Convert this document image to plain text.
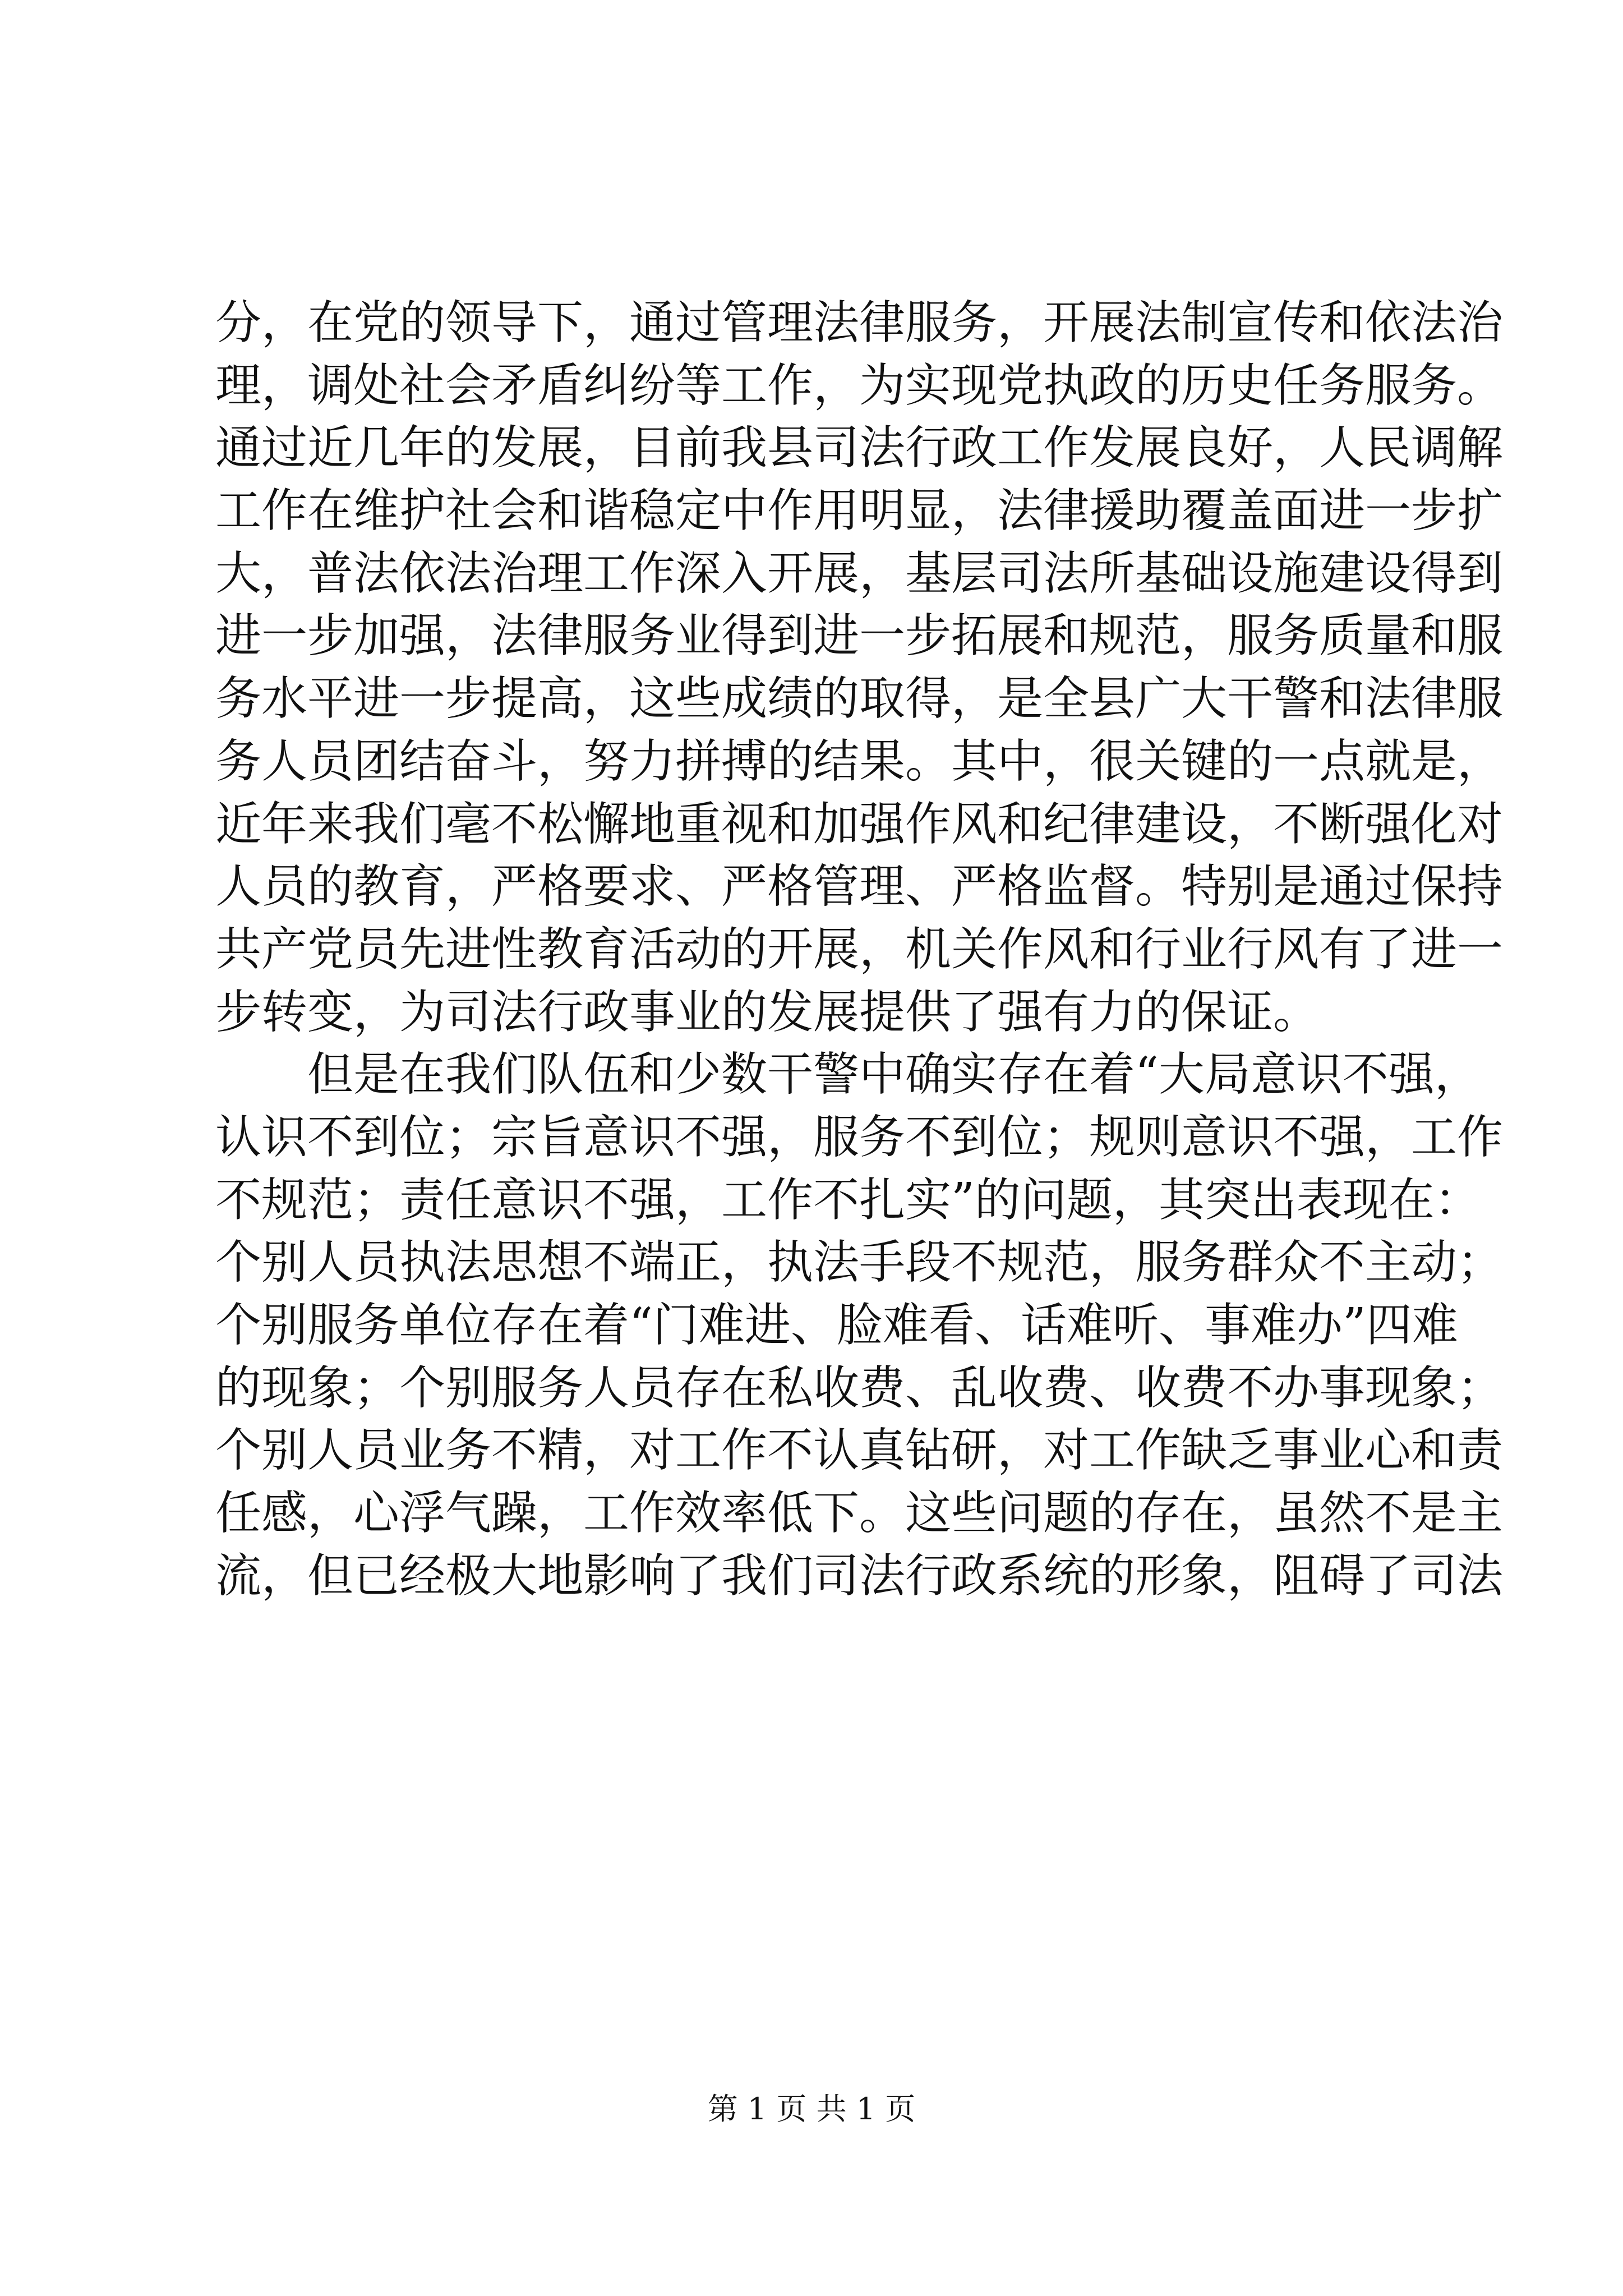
分，在党的领导下，通过管理法律服务，开展法制宣传和依法治
理，调处社会矛盾纠纷等工作，为实现党执政的历史任务服务。
通过近几年的发展，目前我县司法行政工作发展良好，人民调解
工作在维护社会和谐稳定中作用明显，法律援助覆盖面进一步扩
大，普法依法治理工作深入开展，基层司法所基础设施建设得到
进一步加强，法律服务业得到进一步拓展和规范，服务质量和服
务水平进一步提高，这些成绩的取得，是全县广大干警和法律服
务人员团结奋斗，努力拼搏的结果。其中，很关键的一点就是，
近年来我们毫不松懈地重视和加强作风和纪律建设，不断强化对
人员的教育，严格要求、严格管理、严格监督。特别是通过保持
共产党员先进性教育活动的开展，机关作风和行业行风有了进一
步转变，为司法行政事业的发展提供了强有力的保证。
但是在我们队伍和少数干警中确实存在着“大局意识不强，
认识不到位；宗旨意识不强，服务不到位；规则意识不强，工作
不规范；责任意识不强，工作不扎实”的问题，其突出表现在：
个别人员执法思想不端正，执法手段不规范，服务群众不主动；
个别服务单位存在着“门难进、脸难看、话难听、事难办”四难
的现象；个别服务人员存在私收费、乱收费、收费不办事现象；
个别人员业务不精，对工作不认真钻研，对工作缺乏事业心和责
任感，心浮气躁，工作效率低下。这些问题的存在，虽然不是主
流，但已经极大地影响了我们司法行政系统的形象，阻碍了司法
第 1 页 共 1 页
